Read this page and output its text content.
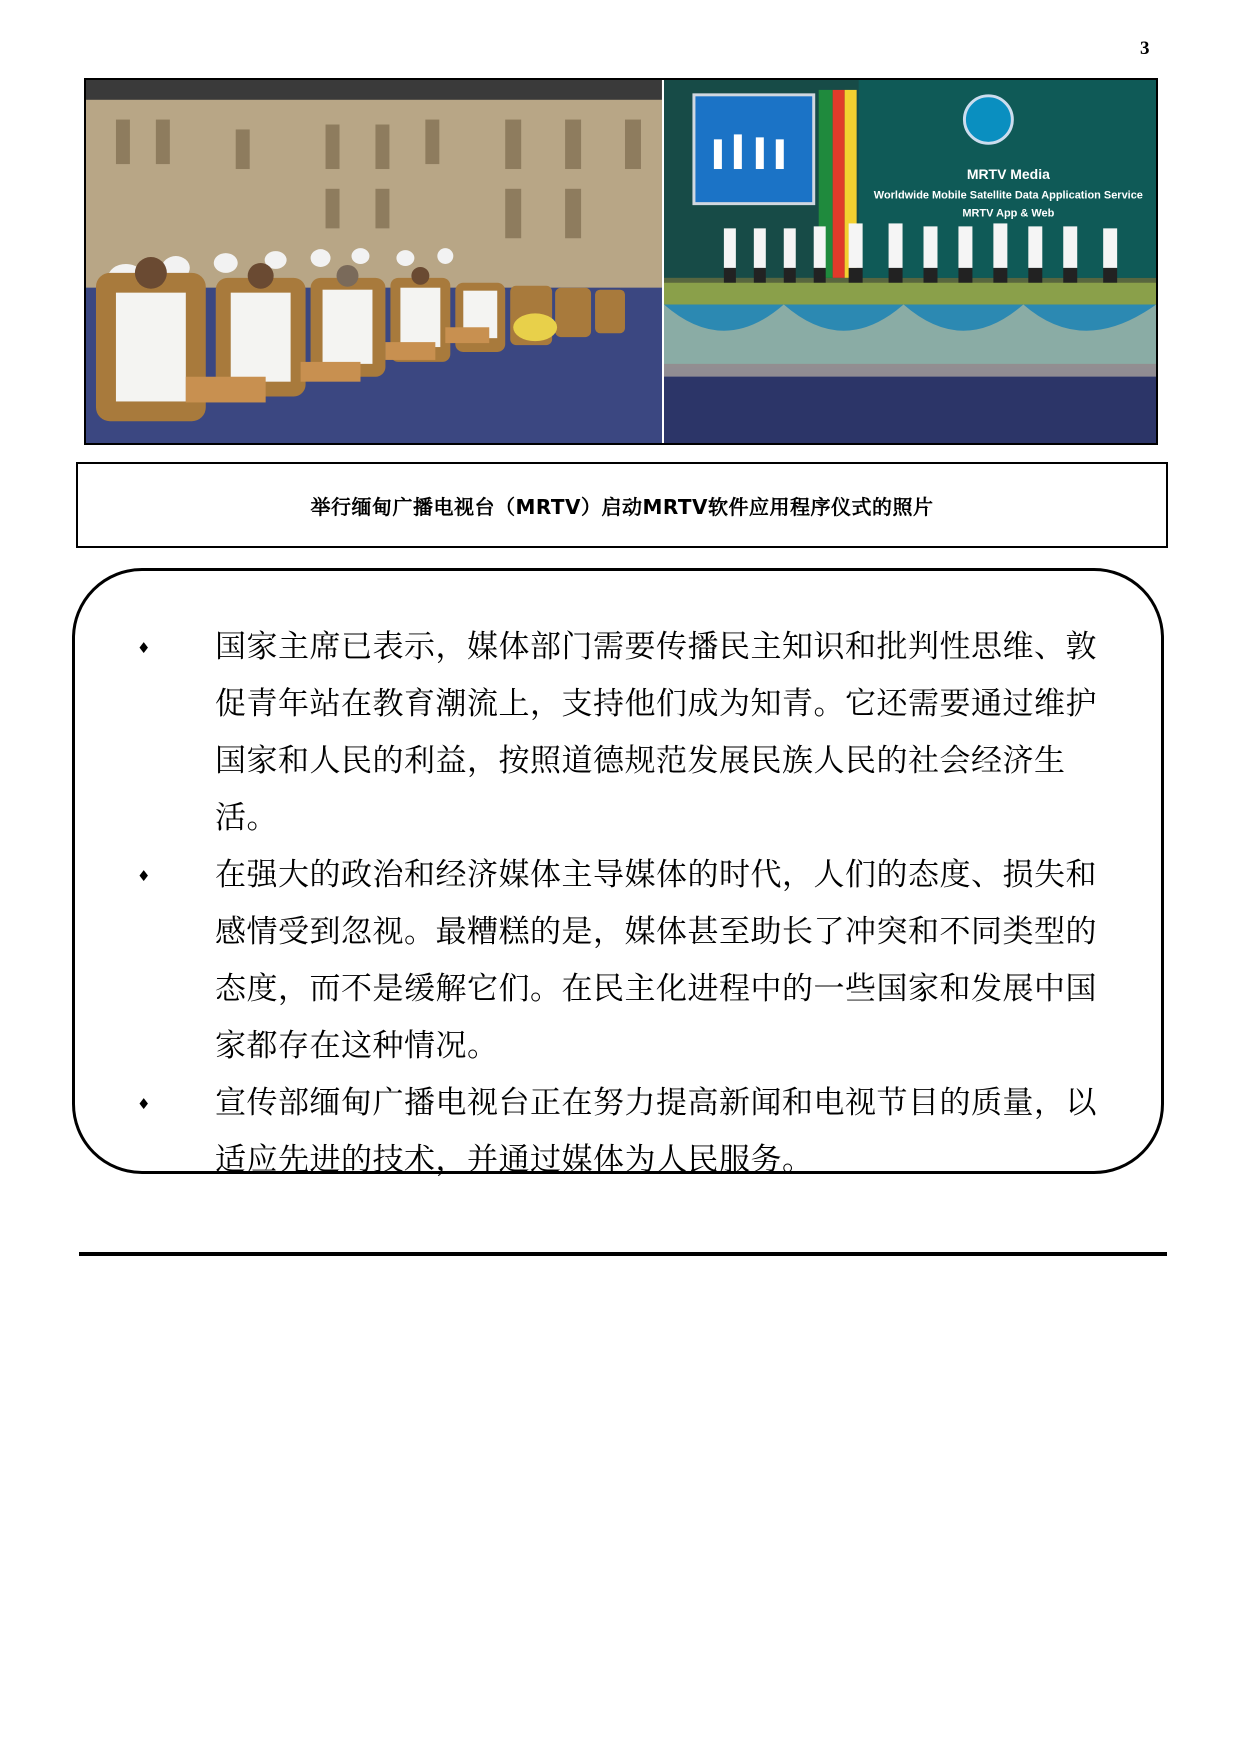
3
MRTV Media
Worldwide Mobile Satellite Data Application Service
MRTV App & Web
举行缅甸广播电视台（MRTV）启动MRTV软件应用程序仪式的照片
♦ 国家主席已表示，媒体部门需要传播民主知识和批判性思维、敦促青年站在教育潮流上，支持他们成为知青。它还需要通过维护国家和人民的利益，按照道德规范发展民族人民的社会经济生活。
♦ 在强大的政治和经济媒体主导媒体的时代，人们的态度、损失和感情受到忽视。最糟糕的是，媒体甚至助长了冲突和不同类型的态度，而不是缓解它们。在民主化进程中的一些国家和发展中国家都存在这种情况。
♦ 宣传部缅甸广播电视台正在努力提高新闻和电视节目的质量，以适应先进的技术，并通过媒体为人民服务。
